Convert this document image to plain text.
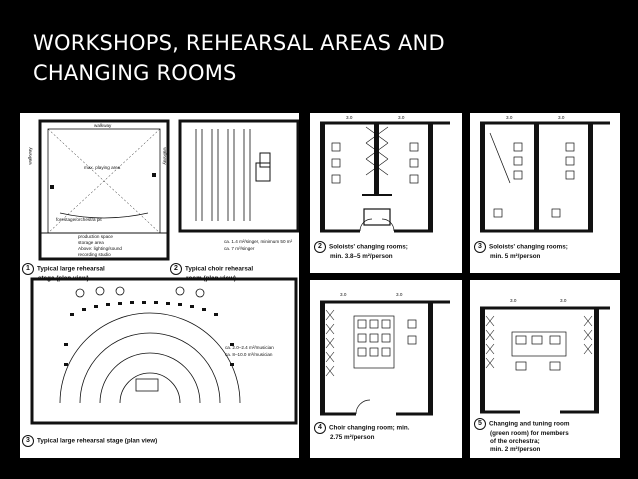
WORKSHOPS, REHEARSAL AREAS AND
CHANGING ROOMS
walkway
max. playing area
forestage/orchestra pit
production space
storage area
Above: lighting/sound
recording studio
walkway	walkway
1 Typical large rehearsal
stage (plan view)
ca. 1.4 m²/singer, minimum 50 m²
ca. 7 m³/singer
2 Typical choir rehearsal
room (plan view)
ca. 2.0–2.4 m²/musician
ca. 8–10.0 m³/musician
3 Typical large rehearsal stage (plan view)
3.0	3.0
2 Soloists' changing rooms;
min. 3.8–5 m²/person
3.0	3.0
3 Soloists' changing rooms;
min. 5 m²/person
3.0	3.0
4 Choir changing room; min.
2.75 m²/person
3.0	3.0
5 Changing and tuning room
(green room) for members
of the orchestra;
min. 2 m²/person
